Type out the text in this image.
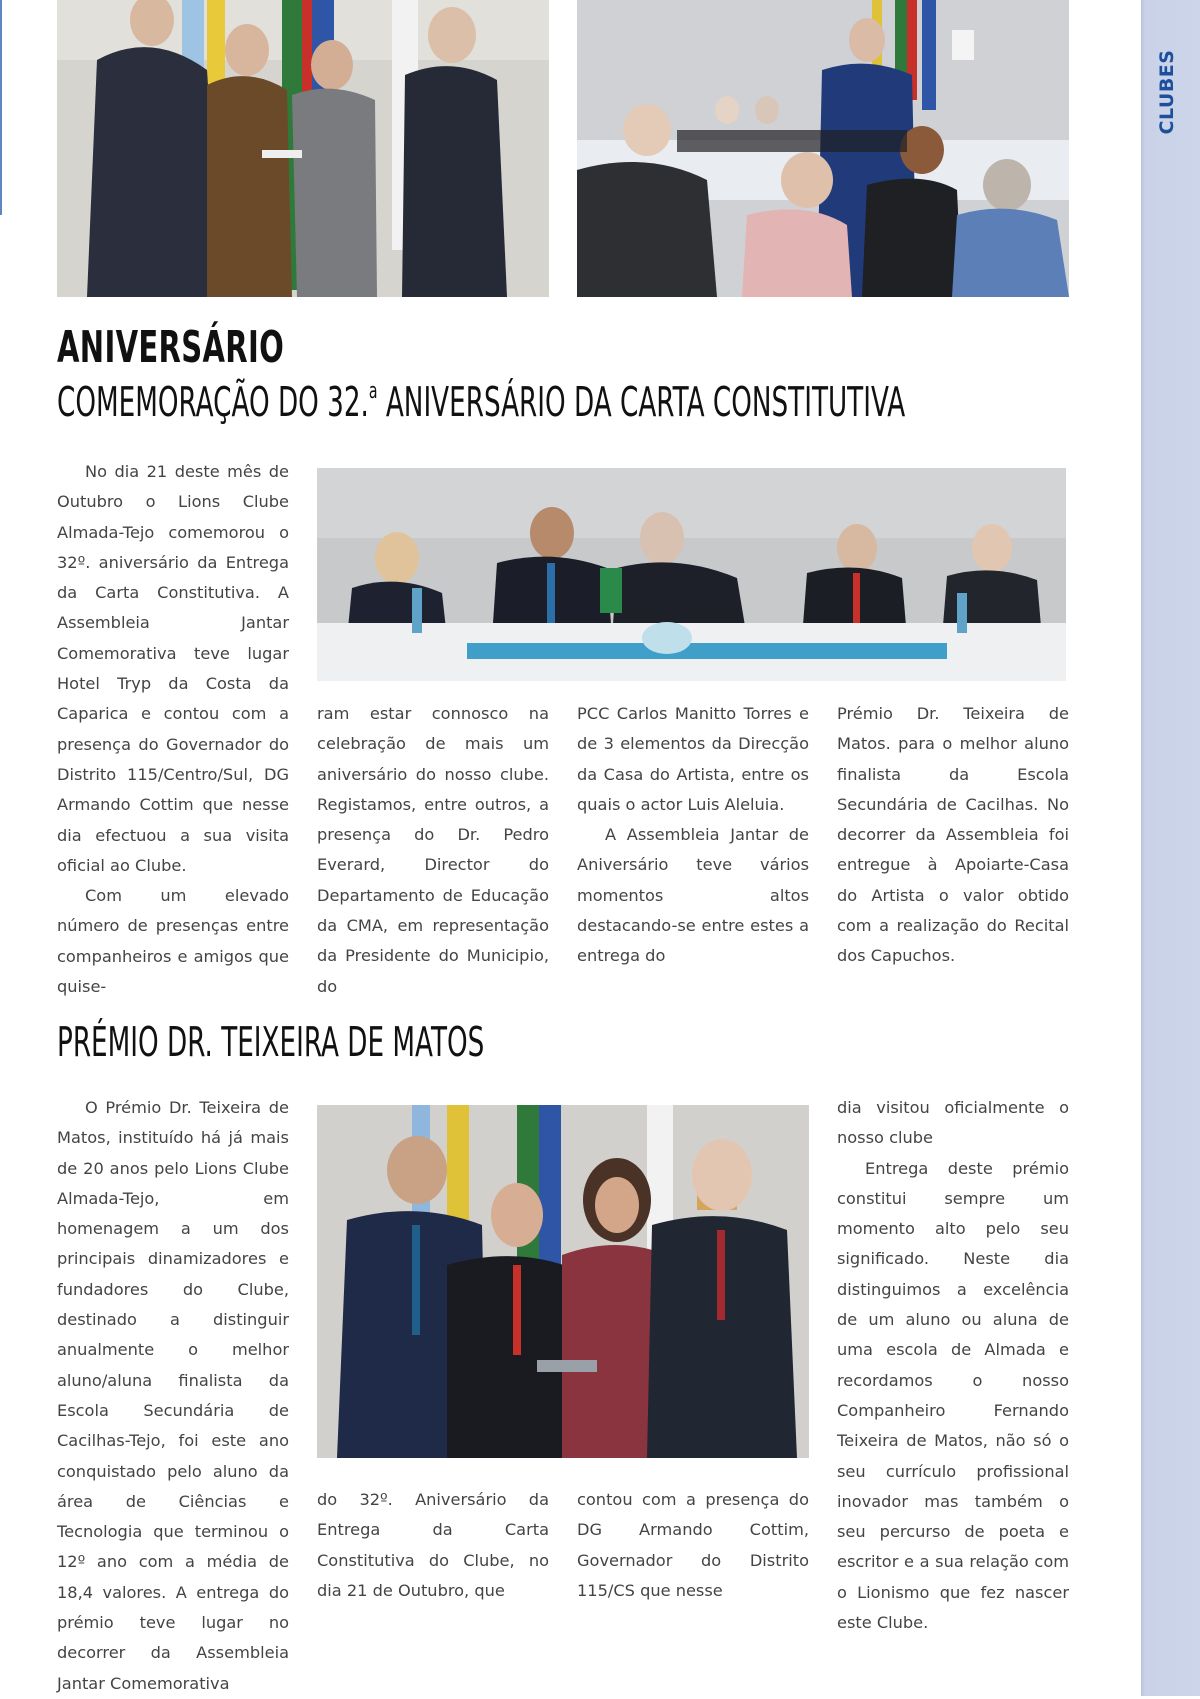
CLUBES
ANIVERSÁRIO
COMEMORAÇÃO DO 32.$^a$ ANIVERSÁRIO DA CARTA CONSTITUTIVA

No dia 21 deste mês de Outubro o Lions Clube Almada-Tejo comemorou o 32º. aniversário da Entrega da Carta Constitutiva. A Assembleia Jantar Comemorativa teve lugar Hotel Tryp da Costa da Caparica e contou com a presença do Governador do Distrito 115/Centro/Sul, DG Armando Cottim que nesse dia efectuou a sua visita oficial ao Clube.

Com um elevado número de presenças entre companheiros e amigos que quise-

ram estar connosco na celebração de mais um aniversário do nosso clube. Registamos, entre outros, a presença do Dr. Pedro Everard, Director do Departamento de Educação da CMA, em representação da Presidente do Municipio, do

PCC Carlos Manitto Torres e de 3 elementos da Direcção da Casa do Artista, entre os quais o actor Luis Aleluia.

A Assembleia Jantar de Aniversário teve vários momentos altos destacando-se entre estes a entrega do

Prémio Dr. Teixeira de Matos. para o melhor aluno finalista da Escola Secundária de Cacilhas. No decorrer da Assembleia foi entregue à Apoiarte-Casa do Artista o valor obtido com a realização do Recital dos Capuchos.

PRÉMIO DR. TEIXEIRA DE MATOS

O Prémio Dr. Teixeira de Matos, instituído há já mais de 20 anos pelo Lions Clube Almada-Tejo, em homenagem a um dos principais dinamizadores e fundadores do Clube, destinado a distinguir anualmente o melhor aluno/aluna finalista da Escola Secundária de Cacilhas-Tejo, foi este ano conquistado pelo aluno da área de Ciências e Tecnologia que terminou o 12º ano com a média de 18,4 valores. A entrega do prémio teve lugar no decorrer da Assembleia Jantar Comemorativa

do 32º. Aniversário da Entrega da Carta Constitutiva do Clube, no dia 21 de Outubro, que

contou com a presença do DG Armando Cottim, Governador do Distrito 115/CS que nesse

dia visitou oficialmente o nosso clube

Entrega deste prémio constitui sempre um momento alto pelo seu significado. Neste dia distinguimos a excelência de um aluno ou aluna de uma escola de Almada e recordamos o nosso Companheiro Fernando Teixeira de Matos, não só o seu currículo profissional inovador mas também o seu percurso de poeta e escritor e a sua relação com o Lionismo que fez nascer este Clube.
